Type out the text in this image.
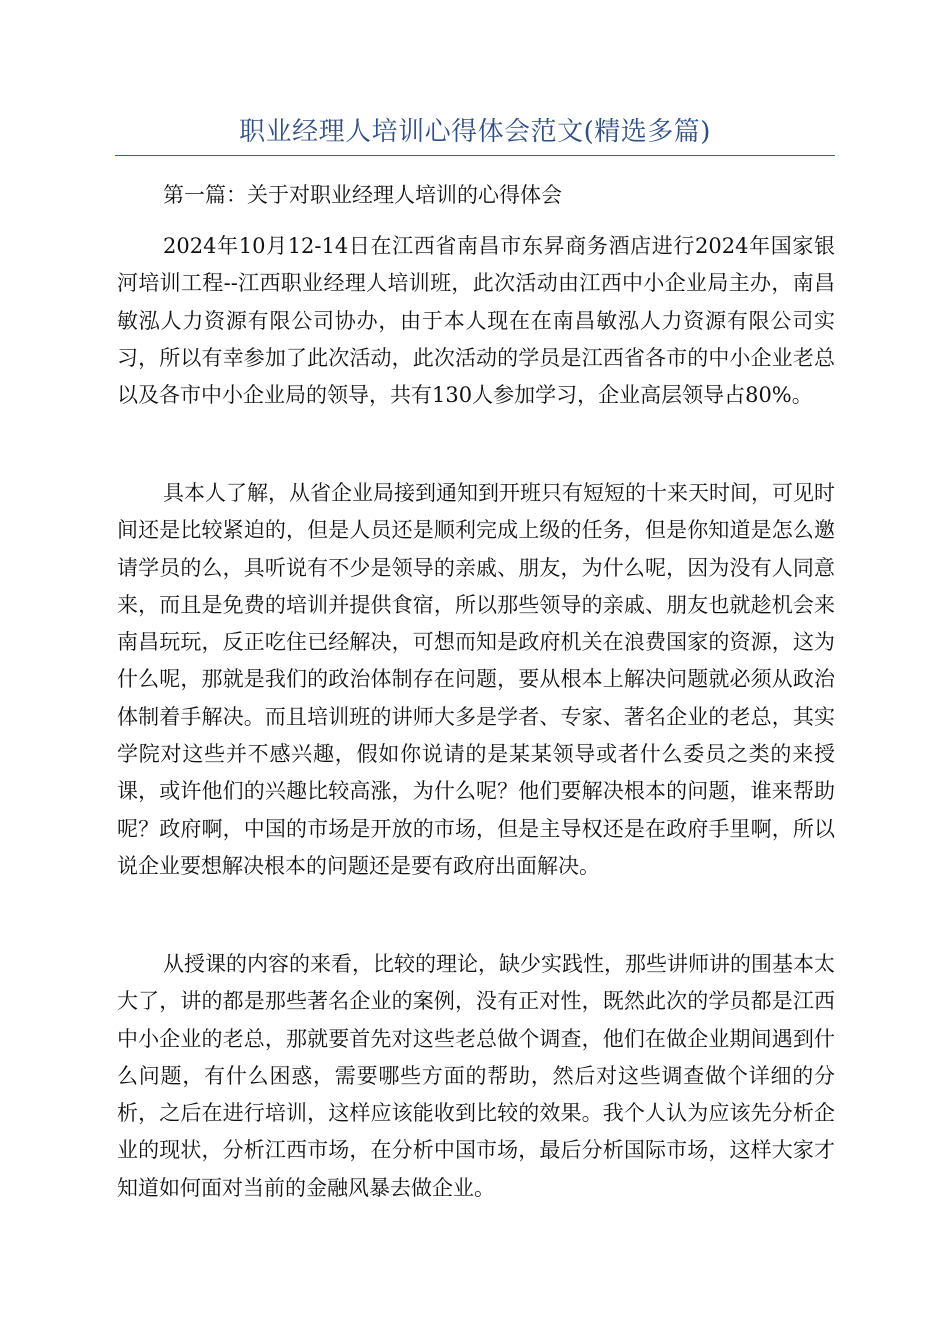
职业经理人培训心得体会范文(精选多篇)
第一篇：关于对职业经理人培训的心得体会

2024年10月12-14日在江西省南昌市东昇商务酒店进行2024年国家银河培训工程--江西职业经理人培训班，此次活动由江西中小企业局主办，南昌敏泓人力资源有限公司协办，由于本人现在在南昌敏泓人力资源有限公司实习，所以有幸参加了此次活动，此次活动的学员是江西省各市的中小企业老总以及各市中小企业局的领导，共有130人参加学习，企业高层领导占80%。

具本人了解，从省企业局接到通知到开班只有短短的十来天时间，可见时间还是比较紧迫的，但是人员还是顺利完成上级的任务，但是你知道是怎么邀请学员的么，具听说有不少是领导的亲戚、朋友，为什么呢，因为没有人同意来，而且是免费的培训并提供食宿，所以那些领导的亲戚、朋友也就趁机会来南昌玩玩，反正吃住已经解决，可想而知是政府机关在浪费国家的资源，这为什么呢，那就是我们的政治体制存在问题，要从根本上解决问题就必须从政治体制着手解决。而且培训班的讲师大多是学者、专家、著名企业的老总，其实学院对这些并不感兴趣，假如你说请的是某某领导或者什么委员之类的来授课，或许他们的兴趣比较高涨，为什么呢？他们要解决根本的问题，谁来帮助呢？政府啊，中国的市场是开放的市场，但是主导权还是在政府手里啊，所以说企业要想解决根本的问题还是要有政府出面解决。

从授课的内容的来看，比较的理论，缺少实践性，那些讲师讲的围基本太大了，讲的都是那些著名企业的案例，没有正对性，既然此次的学员都是江西中小企业的老总，那就要首先对这些老总做个调查，他们在做企业期间遇到什么问题，有什么困惑，需要哪些方面的帮助，然后对这些调查做个详细的分析，之后在进行培训，这样应该能收到比较的效果。我个人认为应该先分析企业的现状，分析江西市场，在分析中国市场，最后分析国际市场，这样大家才知道如何面对当前的金融风暴去做企业。
